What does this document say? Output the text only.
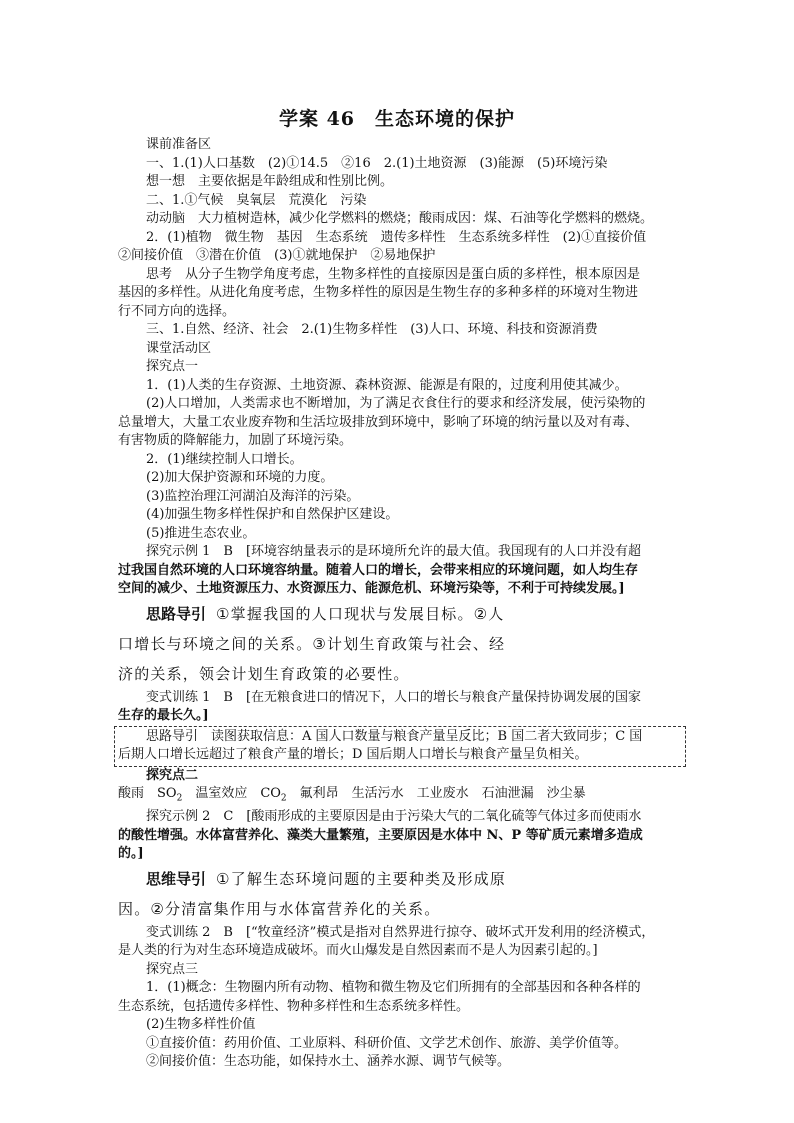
学案 46　生态环境的保护
课前准备区
一、1.(1)人口基数　(2)①14.5　②16　2.(1)土地资源　(3)能源　(5)环境污染
想一想　主要依据是年龄组成和性别比例。
二、1.①气候　臭氧层　荒漠化　污染
动动脑　大力植树造林，减少化学燃料的燃烧；酸雨成因：煤、石油等化学燃料的燃烧。
2．(1)植物　微生物　基因　生态系统　遗传多样性　生态系统多样性　(2)①直接价值
②间接价值　③潜在价值　(3)①就地保护　②易地保护
思考　从分子生物学角度考虑，生物多样性的直接原因是蛋白质的多样性，根本原因是
基因的多样性。从进化角度考虑，生物多样性的原因是生物生存的多种多样的环境对生物进
行不同方向的选择。
三、1.自然、经济、社会　2.(1)生物多样性　(3)人口、环境、科技和资源消费
课堂活动区
探究点一
1．(1)人类的生存资源、土地资源、森林资源、能源是有限的，过度利用使其减少。
(2)人口增加，人类需求也不断增加，为了满足衣食住行的要求和经济发展，使污染物的
总量增大，大量工农业废弃物和生活垃圾排放到环境中，影响了环境的纳污量以及对有毒、
有害物质的降解能力，加剧了环境污染。
2．(1)继续控制人口增长。
(2)加大保护资源和环境的力度。
(3)监控治理江河湖泊及海洋的污染。
(4)加强生物多样性保护和自然保护区建设。
(5)推进生态农业。
探究示例 1　B　[环境容纳量表示的是环境所允许的最大值。我国现有的人口并没有超
过我国自然环境的人口环境容纳量。随着人口的增长，会带来相应的环境问题，如人均生存
空间的减少、土地资源压力、水资源压力、能源危机、环境污染等，不利于可持续发展。]
思路导引 ①掌握我国的人口现状与发展目标。②人
口增长与环境之间的关系。③计划生育政策与社会、经
济的关系，领会计划生育政策的必要性。
变式训练 1　B　[在无粮食进口的情况下，人口的增长与粮食产量保持协调发展的国家
生存的最长久。]
思路导引　读图获取信息：A 国人口数量与粮食产量呈反比；B 国二者大致同步；C 国
后期人口增长远超过了粮食产量的增长；D 国后期人口增长与粮食产量呈负相关。
探究点二
酸雨　$SO_2$　温室效应　$CO_2$　氟利昂　生活污水　工业废水　石油泄漏　沙尘暴
探究示例 2　C　[酸雨形成的主要原因是由于污染大气的二氧化硫等气体过多而使雨水
的酸性增强。水体富营养化、藻类大量繁殖，主要原因是水体中 N、P 等矿质元素增多造成
的。]
思维导引 ①了解生态环境问题的主要种类及形成原
因。②分清富集作用与水体富营养化的关系。
变式训练 2　B　[“牧童经济”模式是指对自然界进行掠夺、破坏式开发利用的经济模式，
是人类的行为对生态环境造成破坏。而火山爆发是自然因素而不是人为因素引起的。]
探究点三
1．(1)概念：生物圈内所有动物、植物和微生物及它们所拥有的全部基因和各种各样的
生态系统，包括遗传多样性、物种多样性和生态系统多样性。
(2)生物多样性价值
①直接价值：药用价值、工业原料、科研价值、文学艺术创作、旅游、美学价值等。
②间接价值：生态功能，如保持水土、涵养水源、调节气候等。
